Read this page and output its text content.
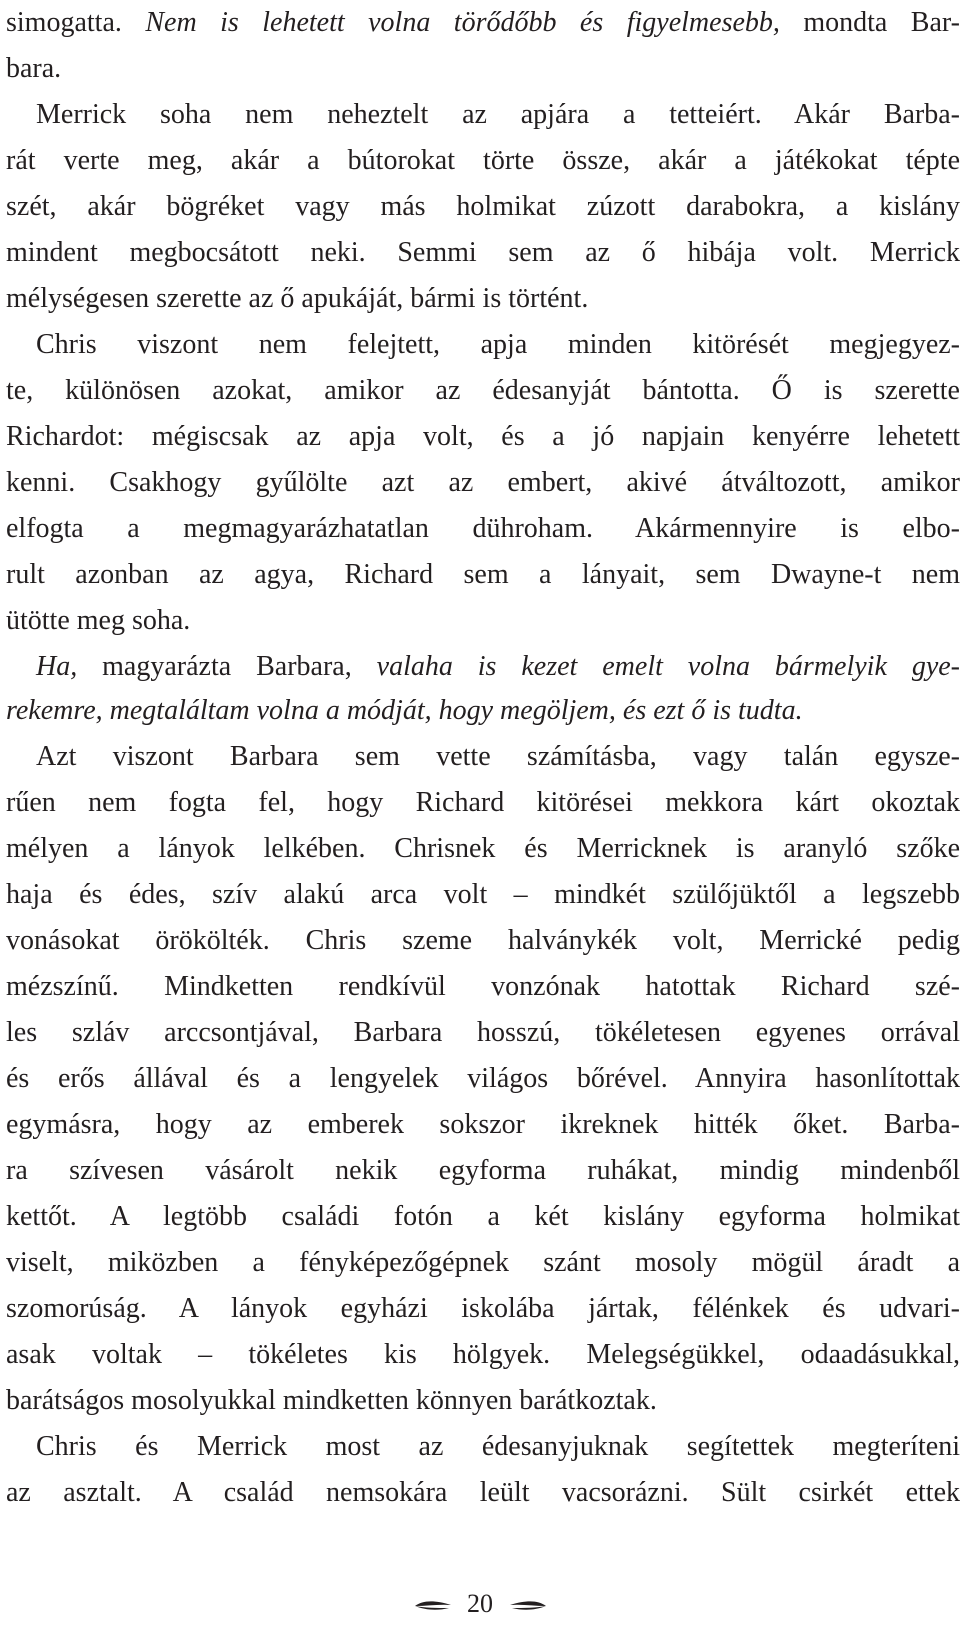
simogatta. Nem is lehetett volna törődőbb és figyelmesebb, mondta Bar-
bara.
Merrick soha nem neheztelt az apjára a tetteiért. Akár Barba-
rát verte meg, akár a bútorokat törte össze, akár a játékokat tépte
szét, akár bögréket vagy más holmikat zúzott darabokra, a kislány
mindent megbocsátott neki. Semmi sem az ő hibája volt. Merrick
mélységesen szerette az ő apukáját, bármi is történt.
Chris viszont nem felejtett, apja minden kitörését megjegyez-
te, különösen azokat, amikor az édesanyját bántotta. Ő is szerette
Richardot: mégiscsak az apja volt, és a jó napjain kenyérre lehetett
kenni. Csakhogy gyűlölte azt az embert, akivé átváltozott, amikor
elfogta a megmagyarázhatatlan dühroham. Akármennyire is elbo-
rult azonban az agya, Richard sem a lányait, sem Dwayne-t nem
ütötte meg soha.
Ha, magyarázta Barbara, valaha is kezet emelt volna bármelyik gye-
rekemre, megtaláltam volna a módját, hogy megöljem, és ezt ő is tudta.
Azt viszont Barbara sem vette számításba, vagy talán egysze-
rűen nem fogta fel, hogy Richard kitörései mekkora kárt okoztak
mélyen a lányok lelkében. Chrisnek és Merricknek is aranyló szőke
haja és édes, szív alakú arca volt – mindkét szülőjüktől a legszebb
vonásokat örökölték. Chris szeme halványkék volt, Merrické pedig
mézszínű. Mindketten rendkívül vonzónak hatottak Richard szé-
les szláv arccsontjával, Barbara hosszú, tökéletesen egyenes orrával
és erős állával és a lengyelek világos bőrével. Annyira hasonlítottak
egymásra, hogy az emberek sokszor ikreknek hitték őket. Barba-
ra szívesen vásárolt nekik egyforma ruhákat, mindig mindenből
kettőt. A legtöbb családi fotón a két kislány egyforma holmikat
viselt, miközben a fényképezőgépnek szánt mosoly mögül áradt a
szomorúság. A lányok egyházi iskolába jártak, félénkek és udvari-
asak voltak – tökéletes kis hölgyek. Melegségükkel, odaadásukkal,
barátságos mosolyukkal mindketten könnyen barátkoztak.
Chris és Merrick most az édesanyjuknak segítettek megteríteni
az asztalt. A család nemsokára leült vacsorázni. Sült csirkét ettek
20
